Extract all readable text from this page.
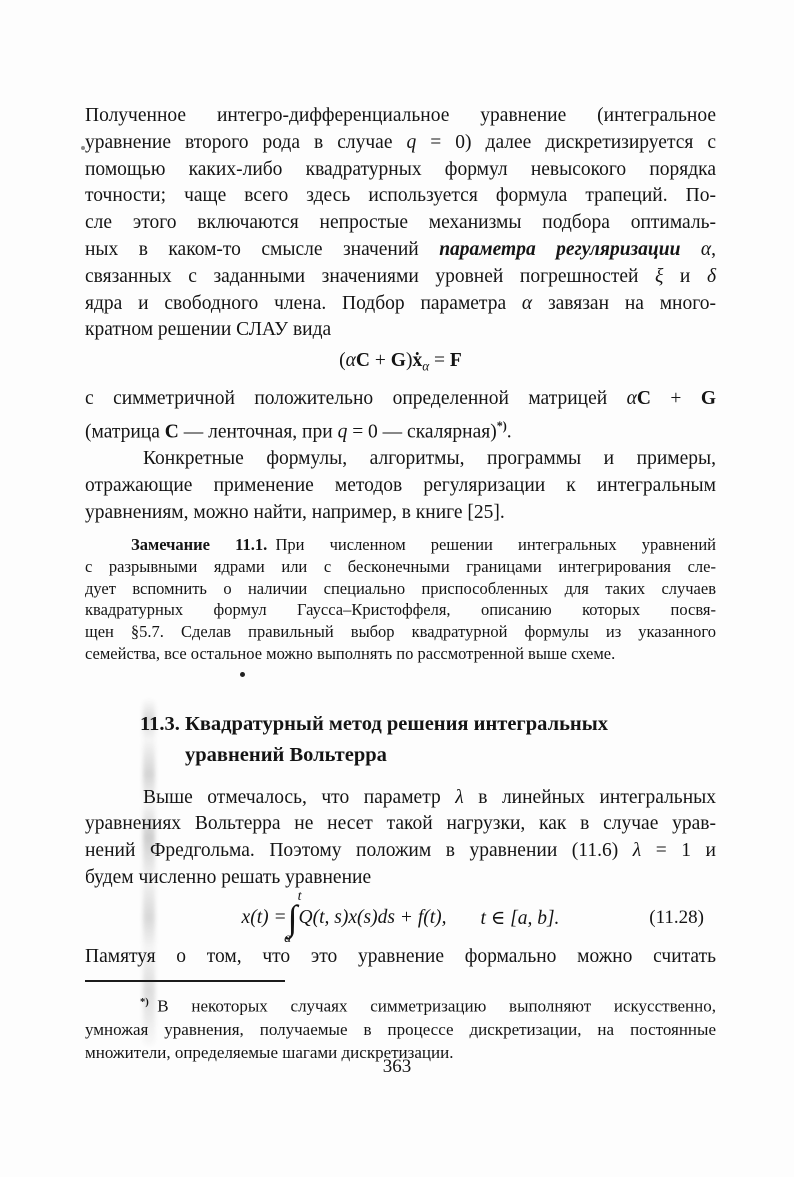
Полученное интегро-дифференциальное уравнение (интегральное
уравнение второго рода в случае q = 0) далее дискретизируется с
помощью каких-либо квадратурных формул невысокого порядка
точности; чаще всего здесь используется формула трапеций. По-
сле этого включаются непростые механизмы подбора оптималь-
ных в каком-то смысле значений параметра регуляризации α,
связанных с заданными значениями уровней погрешностей ξ и δ
ядра и свободного члена. Подбор параметра α завязан на много-
кратном решении СЛАУ вида
(αC + G)ẋ$_\alpha$ = F
с симметричной положительно определенной матрицей αC + G
(матрица C — ленточная, при q = 0 — скалярная)*).
Конкретные формулы, алгоритмы, программы и примеры,
отражающие применение методов регуляризации к интегральным
уравнениям, можно найти, например, в книге [25].
Замечание 11.1. При численном решении интегральных уравнений
с разрывными ядрами или с бесконечными границами интегрирования сле-
дует вспомнить о наличии специально приспособленных для таких случаев
квадратурных формул Гаусса–Кристоффеля, описанию которых посвя-
щен §5.7. Сделав правильный выбор квадратурной формулы из указанного
семейства, все остальное можно выполнять по рассмотренной выше схеме.
11.3. Квадратурный метод решения интегральных
уравнений Вольтерра
Выше отмечалось, что параметр λ в линейных интегральных
уравнениях Вольтерра не несет такой нагрузки, как в случае урав-
нений Фредгольма. Поэтому положим в уравнении (11.6) λ = 1 и
будем численно решать уравнение
x(t) =
t
∫
a
Q(t, s)x(s)ds + f(t), t ∈ [a, b].	(11.28)
Памятуя о том, что это уравнение формально можно считать
*) В некоторых случаях симметризацию выполняют искусственно,
умножая уравнения, получаемые в процессе дискретизации, на постоянные
множители, определяемые шагами дискретизации.
363
